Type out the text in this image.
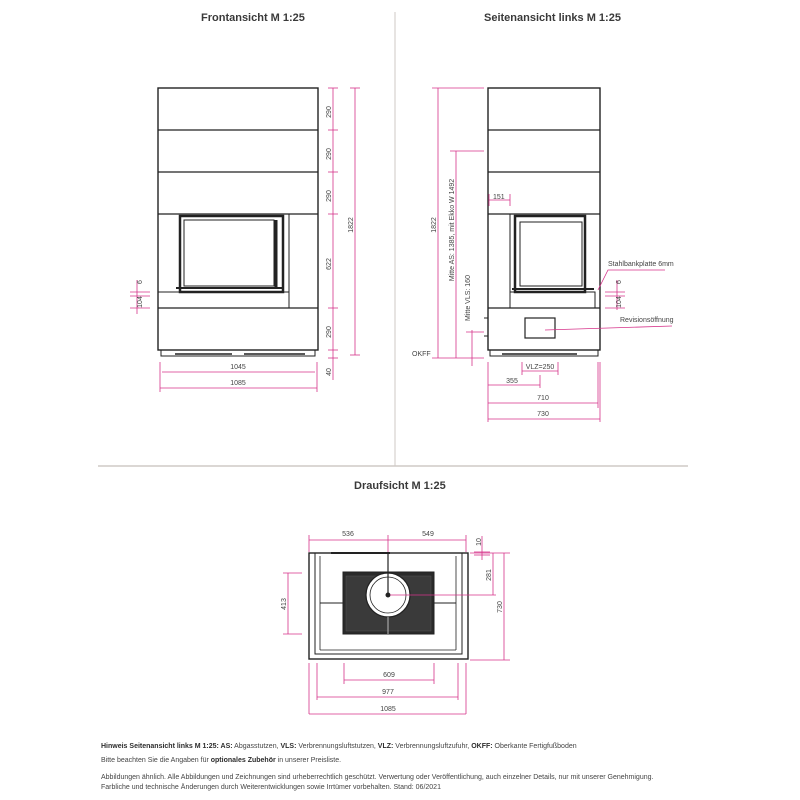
Frontansicht M 1:25	Seitenansicht links M 1:25
Draufsicht M 1:25
290
290
290
622
290
40
1822
6
104
1045
1085
1822 Mitte AS: 1385, mit Ekko W 1492
Mitte VLS: 160
OKFF
151
6
104
Stahlbankplatte 6mm
Revisionsöffnung
VLZ=250
355
710
730
536	549
10
281
730
413
609
977
1085
Hinweis Seitenansicht links M 1:25: AS: Abgasstutzen, VLS: Verbrennungsluftstutzen, VLZ: Verbrennungsluftzufuhr, OKFF: Oberkante Fertigfußboden
Bitte beachten Sie die Angaben für optionales Zubehör in unserer Preisliste.
Abbildungen ähnlich. Alle Abbildungen und Zeichnungen sind urheberrechtlich geschützt. Verwertung oder Veröffentlichung, auch einzelner Details, nur mit unserer Genehmigung.
Farbliche und technische Änderungen durch Weiterentwicklungen sowie Irrtümer vorbehalten. Stand: 06/2021
